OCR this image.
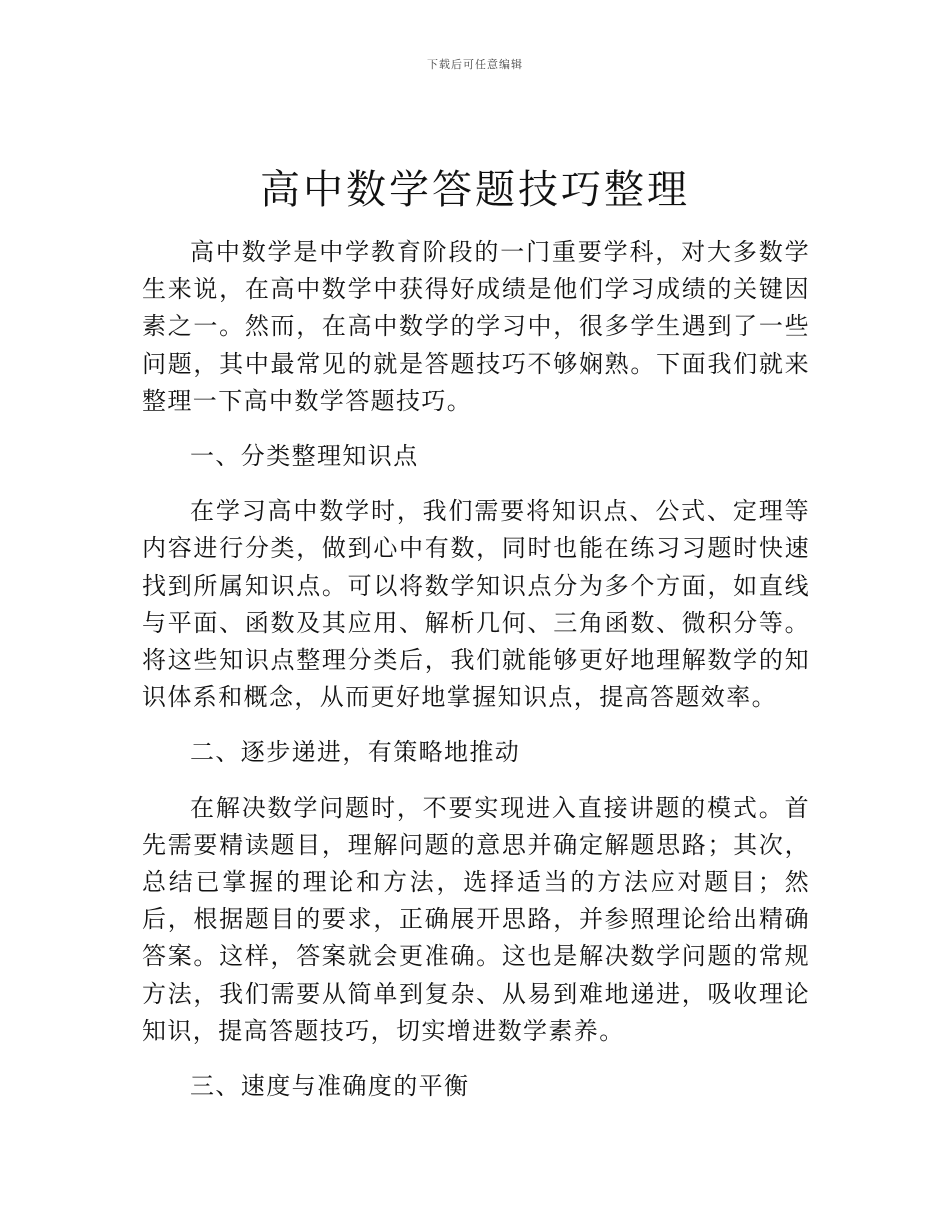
下载后可任意编辑
高中数学答题技巧整理

高中数学是中学教育阶段的一门重要学科，对大多数学生来说，在高中数学中获得好成绩是他们学习成绩的关键因素之一。然而，在高中数学的学习中，很多学生遇到了一些问题，其中最常见的就是答题技巧不够娴熟。下面我们就来整理一下高中数学答题技巧。

一、分类整理知识点

在学习高中数学时，我们需要将知识点、公式、定理等内容进行分类，做到心中有数，同时也能在练习习题时快速找到所属知识点。可以将数学知识点分为多个方面，如直线与平面、函数及其应用、解析几何、三角函数、微积分等。将这些知识点整理分类后，我们就能够更好地理解数学的知识体系和概念，从而更好地掌握知识点，提高答题效率。

二、逐步递进，有策略地推动

在解决数学问题时，不要实现进入直接讲题的模式。首先需要精读题目，理解问题的意思并确定解题思路；其次，总结已掌握的理论和方法，选择适当的方法应对题目；然后，根据题目的要求，正确展开思路，并参照理论给出精确答案。这样，答案就会更准确。这也是解决数学问题的常规方法，我们需要从简单到复杂、从易到难地递进，吸收理论知识，提高答题技巧，切实增进数学素养。

三、速度与准确度的平衡
